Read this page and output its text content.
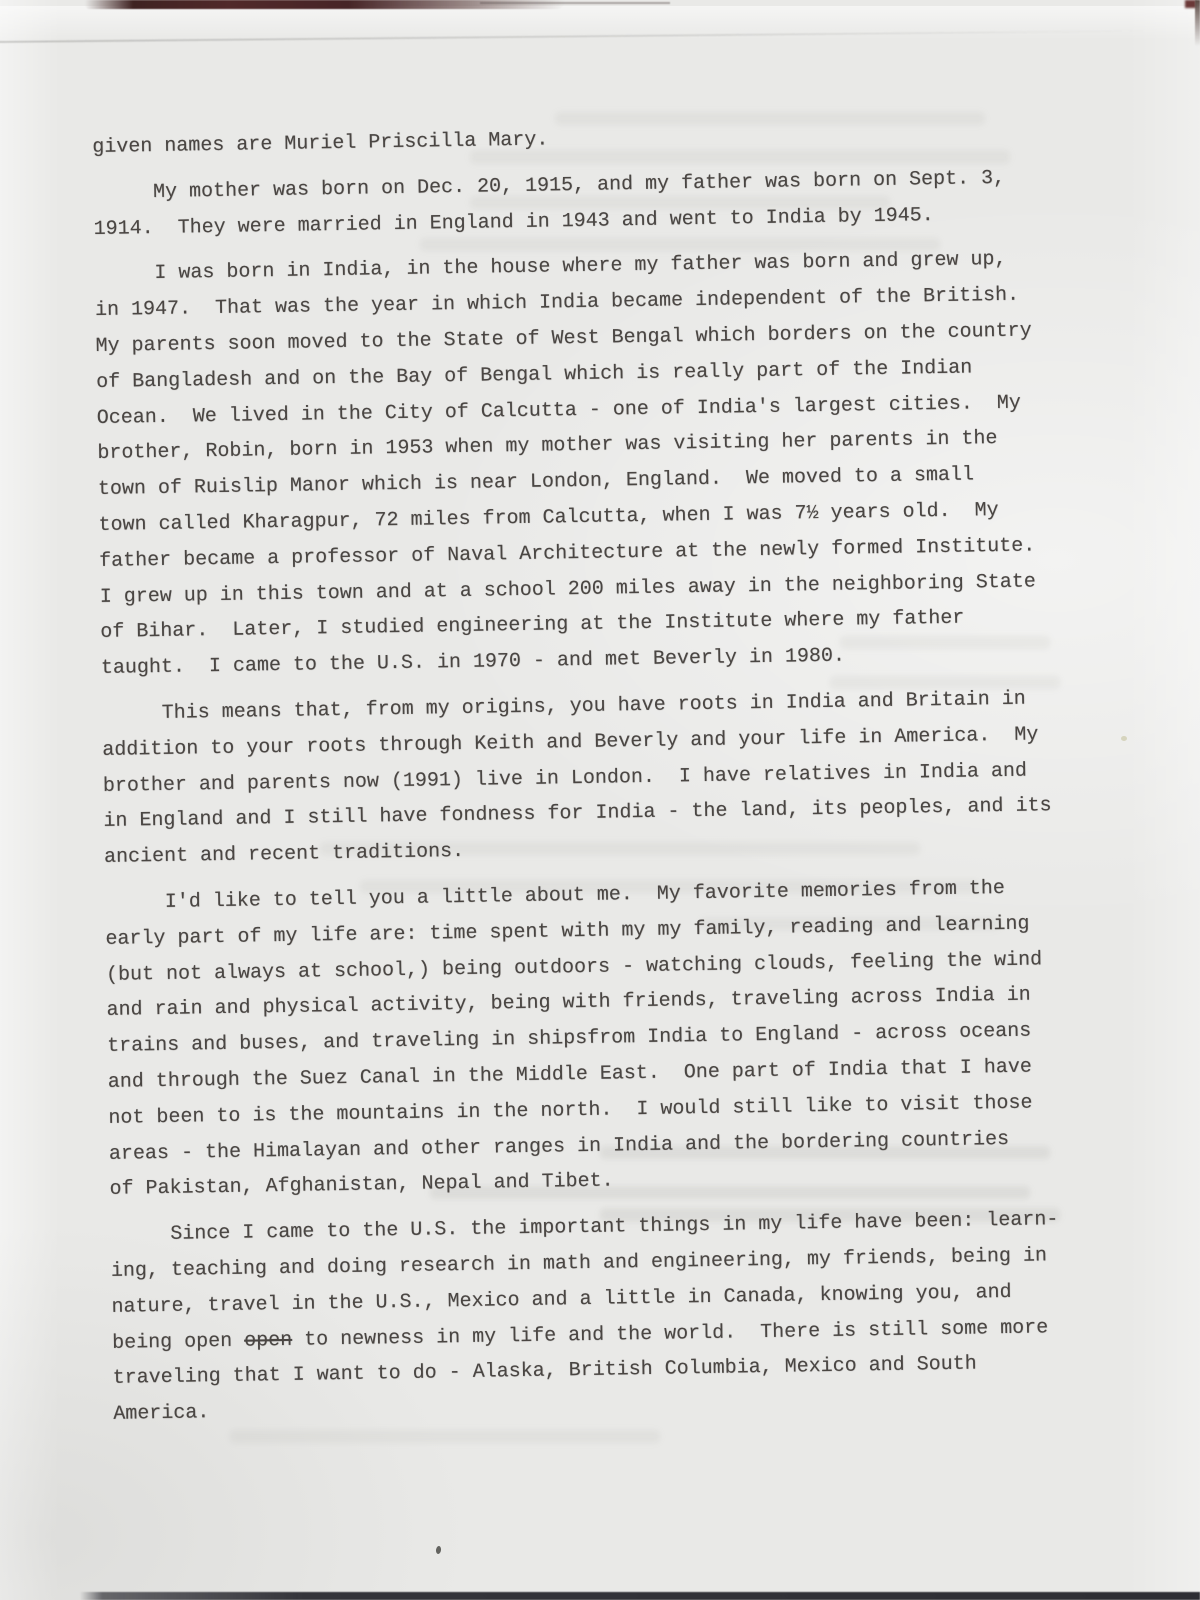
given names are Muriel Priscilla Mary.
My mother was born on Dec. 20, 1915, and my father was born on Sept. 3,
1914.  They were married in England in 1943 and went to India by 1945.
I was born in India, in the house where my father was born and grew up,
in 1947.  That was the year in which India became independent of the British.
My parents soon moved to the State of West Bengal which borders on the country
of Bangladesh and on the Bay of Bengal which is really part of the Indian
Ocean.  We lived in the City of Calcutta - one of India's largest cities.  My
brother, Robin, born in 1953 when my mother was visiting her parents in the
town of Ruislip Manor which is near London, England.  We moved to a small
town called Kharagpur, 72 miles from Calcutta, when I was 7½ years old.  My
father became a professor of Naval Architecture at the newly formed Institute.
I grew up in this town and at a school 200 miles away in the neighboring State
of Bihar.  Later, I studied engineering at the Institute where my father
taught.  I came to the U.S. in 1970 - and met Beverly in 1980.
This means that, from my origins, you have roots in India and Britain in
addition to your roots through Keith and Beverly and your life in America.  My
brother and parents now (1991) live in London.  I have relatives in India and
in England and I still have fondness for India - the land, its peoples, and its
ancient and recent traditions.
I'd like to tell you a little about me.  My favorite memories from the
early part of my life are: time spent with my my family, reading and learning
(but not always at school,) being outdoors - watching clouds, feeling the wind
and rain and physical activity, being with friends, traveling across India in
trains and buses, and traveling in shipsfrom India to England - across oceans
and through the Suez Canal in the Middle East.  One part of India that I have
not been to is the mountains in the north.  I would still like to visit those
areas - the Himalayan and other ranges in India and the bordering countries
of Pakistan, Afghanistan, Nepal and Tibet.
Since I came to the U.S. the important things in my life have been: learn-
ing, teaching and doing research in math and engineering, my friends, being in
nature, travel in the U.S., Mexico and a little in Canada, knowing you, and
being open open to newness in my life and the world.  There is still some more
traveling that I want to do - Alaska, British Columbia, Mexico and South
America.
